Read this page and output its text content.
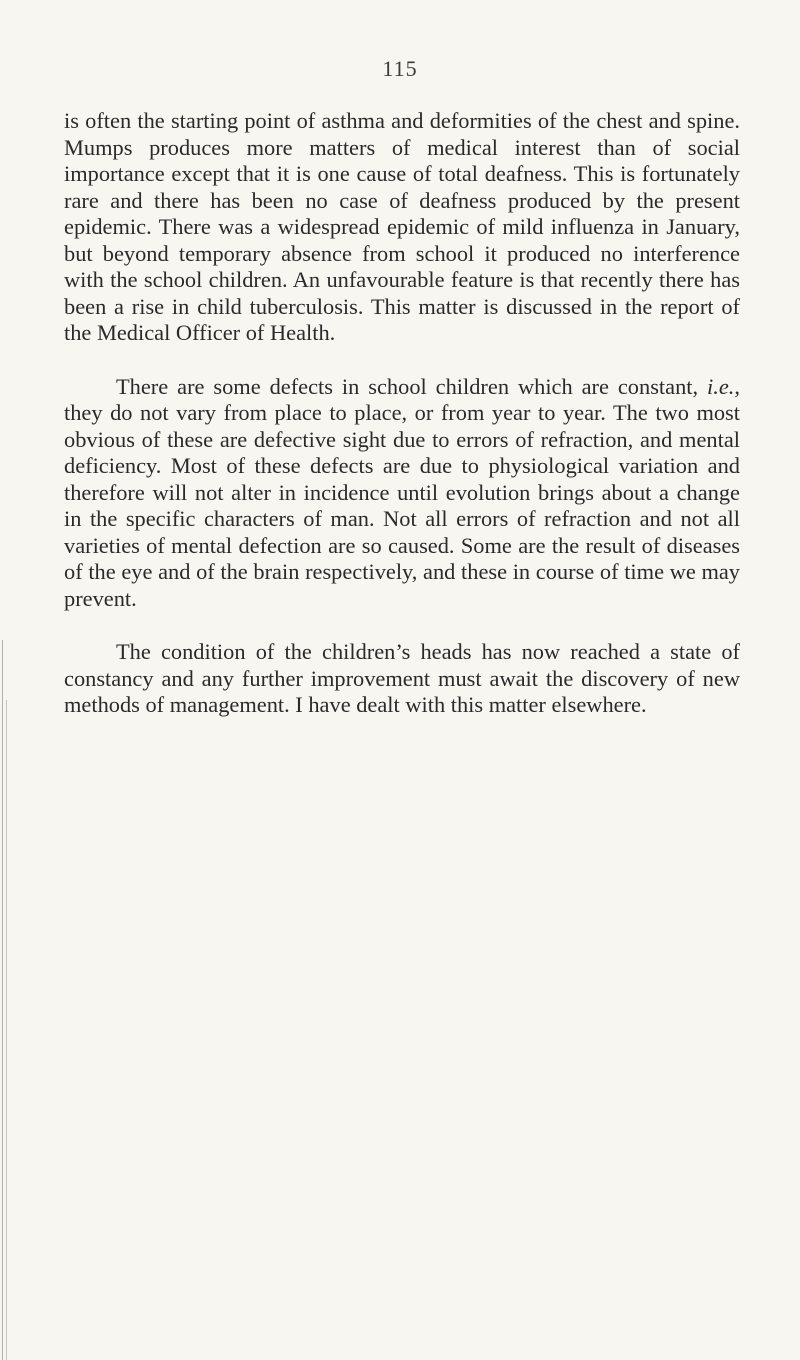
115

is often the starting point of asthma and deformities of the chest and spine. Mumps produces more matters of medical interest than of social importance except that it is one cause of total deafness. This is fortunately rare and there has been no case of deafness produced by the present epidemic. There was a widespread epidemic of mild influenza in January, but beyond temporary absence from school it produced no interference with the school children. An unfavourable feature is that recently there has been a rise in child tuberculosis. This matter is discussed in the report of the Medical Officer of Health.

There are some defects in school children which are constant, i.e., they do not vary from place to place, or from year to year. The two most obvious of these are defective sight due to errors of refraction, and mental deficiency. Most of these defects are due to physiological variation and therefore will not alter in incidence until evolution brings about a change in the specific characters of man. Not all errors of refraction and not all varieties of mental defection are so caused. Some are the result of diseases of the eye and of the brain respectively, and these in course of time we may prevent.

The condition of the children’s heads has now reached a state of constancy and any further improvement must await the discovery of new methods of management. I have dealt with this matter elsewhere.
